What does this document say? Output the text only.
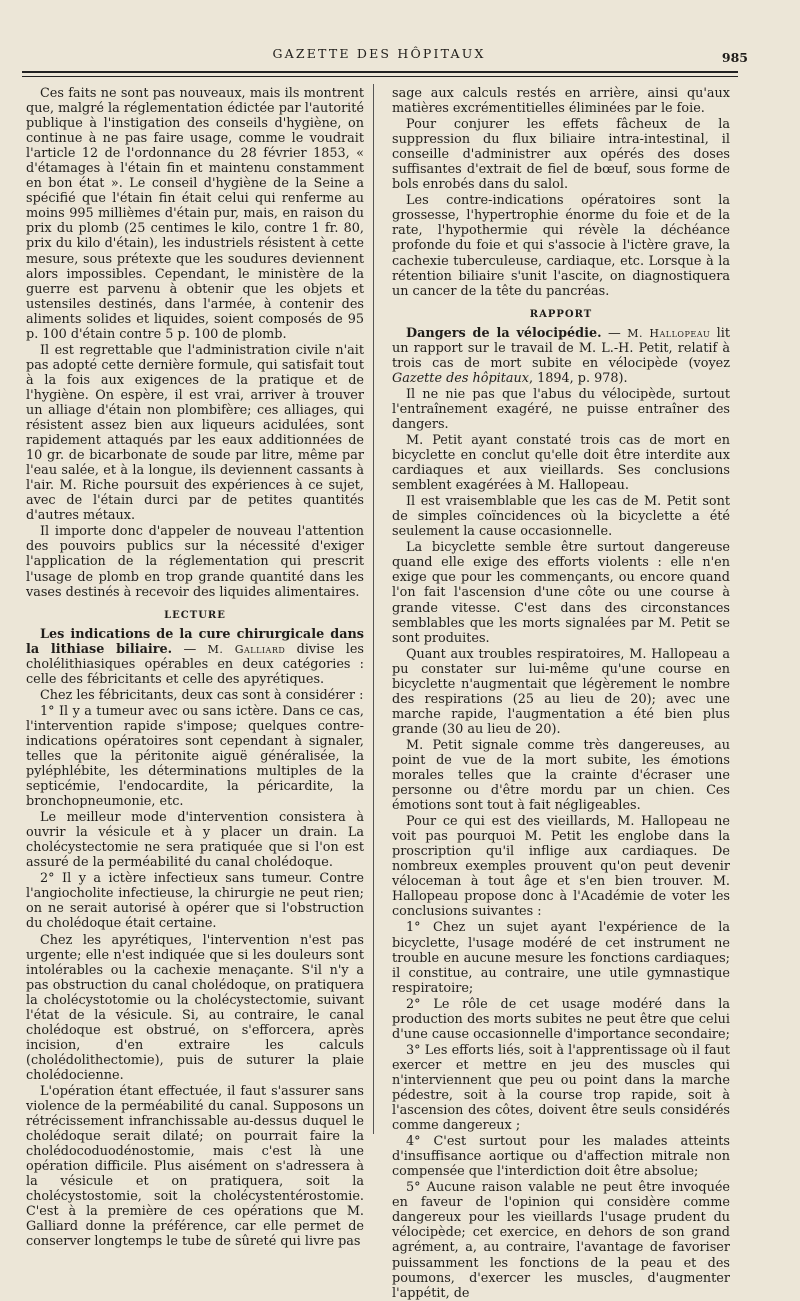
GAZETTE DES HÔPITAUX	985

Ces faits ne sont pas nouveaux, mais ils montrent que, malgré la réglementation édictée par l'autorité publique à l'instigation des conseils d'hygiène, on continue à ne pas faire usage, comme le voudrait l'article 12 de l'ordonnance du 28 février 1853, « d'étamages à l'étain fin et maintenu constamment en bon état ». Le conseil d'hygiène de la Seine a spécifié que l'étain fin était celui qui renferme au moins 995 millièmes d'étain pur, mais, en raison du prix du plomb (25 centimes le kilo, contre 1 fr. 80, prix du kilo d'étain), les industriels résistent à cette mesure, sous prétexte que les soudures deviennent alors impossibles. Cependant, le ministère de la guerre est parvenu à obtenir que les objets et ustensiles destinés, dans l'armée, à contenir des aliments solides et liquides, soient composés de 95 p. 100 d'étain contre 5 p. 100 de plomb.

Il est regrettable que l'administration civile n'ait pas adopté cette dernière formule, qui satisfait tout à la fois aux exigences de la pratique et de l'hygiène. On espère, il est vrai, arriver à trouver un alliage d'étain non plombifère; ces alliages, qui résistent assez bien aux liqueurs acidulées, sont rapidement attaqués par les eaux additionnées de 10 gr. de bicarbonate de soude par litre, même par l'eau salée, et à la longue, ils deviennent cassants à l'air. M. Riche poursuit des expériences à ce sujet, avec de l'étain durci par de petites quantités d'autres métaux.

Il importe donc d'appeler de nouveau l'attention des pouvoirs publics sur la nécessité d'exiger l'application de la réglementation qui prescrit l'usage de plomb en trop grande quantité dans les vases destinés à recevoir des liquides alimentaires.

LECTURE

Les indications de la cure chirurgicale dans la lithiase biliaire. — M. Galliard divise les cholélithiasiques opérables en deux catégories : celle des fébricitants et celle des apyrétiques.

Chez les fébricitants, deux cas sont à considérer :

1° Il y a tumeur avec ou sans ictère. Dans ce cas, l'intervention rapide s'impose; quelques contre-indications opératoires sont cependant à signaler, telles que la péritonite aiguë généralisée, la pyléphlébite, les déterminations multiples de la septicémie, l'endocardite, la péricardite, la bronchopneumonie, etc.

Le meilleur mode d'intervention consistera à ouvrir la vésicule et à y placer un drain. La cholécystectomie ne sera pratiquée que si l'on est assuré de la perméabilité du canal cholédoque.

2° Il y a ictère infectieux sans tumeur. Contre l'angiocholite infectieuse, la chirurgie ne peut rien; on ne serait autorisé à opérer que si l'obstruction du cholédoque était certaine.

Chez les apyrétiques, l'intervention n'est pas urgente; elle n'est indiquée que si les douleurs sont intolérables ou la cachexie menaçante. S'il n'y a pas obstruction du canal cholédoque, on pratiquera la cholécystotomie ou la cholécystectomie, suivant l'état de la vésicule. Si, au contraire, le canal cholédoque est obstrué, on s'efforcera, après incision, d'en extraire les calculs (cholédolithectomie), puis de suturer la plaie cholédocienne.

L'opération étant effectuée, il faut s'assurer sans violence de la perméabilité du canal. Supposons un rétrécissement infranchissable au-dessus duquel le cholédoque serait dilaté; on pourrait faire la cholédocoduodénostomie, mais c'est là une opération difficile. Plus aisément on s'adressera à la vésicule et on pratiquera, soit la cholécystostomie, soit la cholécystentérostomie. C'est à la première de ces opérations que M. Galliard donne la préférence, car elle permet de conserver longtemps le tube de sûreté qui livre pas

sage aux calculs restés en arrière, ainsi qu'aux matières excrémentitielles éliminées par le foie.

Pour conjurer les effets fâcheux de la suppression du flux biliaire intra-intestinal, il conseille d'administrer aux opérés des doses suffisantes d'extrait de fiel de bœuf, sous forme de bols enrobés dans du salol.

Les contre-indications opératoires sont la grossesse, l'hypertrophie énorme du foie et de la rate, l'hypothermie qui révèle la déchéance profonde du foie et qui s'associe à l'ictère grave, la cachexie tuberculeuse, cardiaque, etc. Lorsque à la rétention biliaire s'unit l'ascite, on diagnostiquera un cancer de la tête du pancréas.

RAPPORT

Dangers de la vélocipédie. — M. Hallopeau lit un rapport sur le travail de M. L.-H. Petit, relatif à trois cas de mort subite en vélocipède (voyez Gazette des hôpitaux, 1894, p. 978).

Il ne nie pas que l'abus du vélocipède, surtout l'entraînement exagéré, ne puisse entraîner des dangers.

M. Petit ayant constaté trois cas de mort en bicyclette en conclut qu'elle doit être interdite aux cardiaques et aux vieillards. Ses conclusions semblent exagérées à M. Hallopeau.

Il est vraisemblable que les cas de M. Petit sont de simples coïncidences où la bicyclette a été seulement la cause occasionnelle.

La bicyclette semble être surtout dangereuse quand elle exige des efforts violents : elle n'en exige que pour les commençants, ou encore quand l'on fait l'ascension d'une côte ou une course à grande vitesse. C'est dans des circonstances semblables que les morts signalées par M. Petit se sont produites.

Quant aux troubles respiratoires, M. Hallopeau a pu constater sur lui-même qu'une course en bicyclette n'augmentait que légèrement le nombre des respirations (25 au lieu de 20); avec une marche rapide, l'augmentation a été bien plus grande (30 au lieu de 20).

M. Petit signale comme très dangereuses, au point de vue de la mort subite, les émotions morales telles que la crainte d'écraser une personne ou d'être mordu par un chien. Ces émotions sont tout à fait négligeables.

Pour ce qui est des vieillards, M. Hallopeau ne voit pas pourquoi M. Petit les englobe dans la proscription qu'il inflige aux cardiaques. De nombreux exemples prouvent qu'on peut devenir véloceman à tout âge et s'en bien trouver. M. Hallopeau propose donc à l'Académie de voter les conclusions suivantes :

1° Chez un sujet ayant l'expérience de la bicyclette, l'usage modéré de cet instrument ne trouble en aucune mesure les fonctions cardiaques; il constitue, au contraire, une utile gymnastique respiratoire;

2° Le rôle de cet usage modéré dans la production des morts subites ne peut être que celui d'une cause occasionnelle d'importance secondaire;

3° Les efforts liés, soit à l'apprentissage où il faut exercer et mettre en jeu des muscles qui n'interviennent que peu ou point dans la marche pédestre, soit à la course trop rapide, soit à l'ascension des côtes, doivent être seuls considérés comme dangereux ;

4° C'est surtout pour les malades atteints d'insuffisance aortique ou d'affection mitrale non compensée que l'interdiction doit être absolue;

5° Aucune raison valable ne peut être invoquée en faveur de l'opinion qui considère comme dangereux pour les vieillards l'usage prudent du vélocipède; cet exercice, en dehors de son grand agrément, a, au contraire, l'avantage de favoriser puissamment les fonctions de la peau et des poumons, d'exercer les muscles, d'augmenter l'appétit, de
